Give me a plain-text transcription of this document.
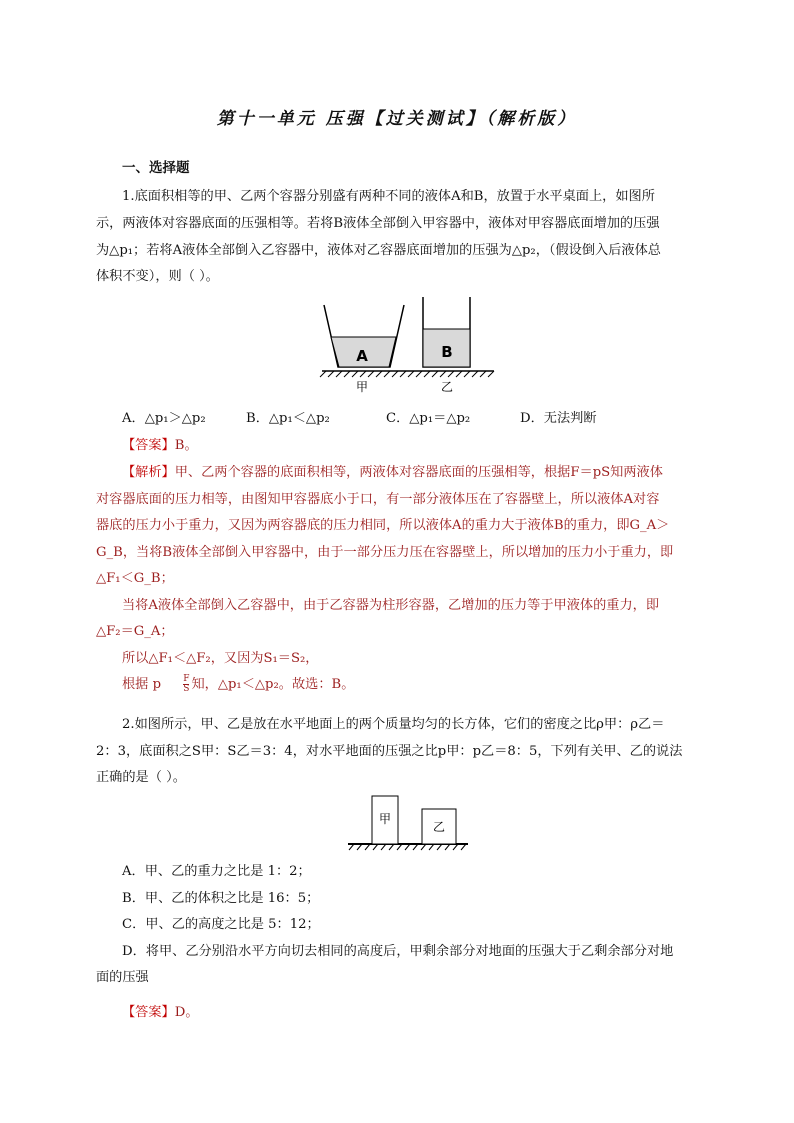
第十一单元 压强【过关测试】（解析版）
一、选择题
1.底面积相等的甲、乙两个容器分别盛有两种不同的液体A和B，放置于水平桌面上，如图所

示，两液体对容器底面的压强相等。若将B液体全部倒入甲容器中，液体对甲容器底面增加的压强
为△p₁；若将A液体全部倒入乙容器中，液体对乙容器底面增加的压强为△p₂，（假设倒入后液体总
体积不变），则（ ）。
A	B
甲	乙
A．△p₁＞△p₂	B．△p₁＜△p₂	C．△p₁＝△p₂	D．无法判断
【答案】B。
【解析】甲、乙两个容器的底面积相等，两液体对容器底面的压强相等，根据F＝pS知两液体
对容器底面的压力相等，由图知甲容器底小于口，有一部分液体压在了容器壁上，所以液体A对容
器底的压力小于重力，又因为两容器底的压力相同，所以液体A的重力大于液体B的重力，即G_A＞
G_B，当将B液体全部倒入甲容器中，由于一部分压力压在容器壁上，所以增加的压力小于重力，即
△F₁＜G_B；
当将A液体全部倒入乙容器中，由于乙容器为柱形容器，乙增加的压力等于甲液体的重力，即
△F₂＝G_A；
所以△F₁＜△F₂，又因为S₁＝S₂，
根据 p $\frac{F}{S}$ 知，△p₁＜△p₂。故选：B。
2.如图所示，甲、乙是放在水平地面上的两个质量均匀的长方体，它们的密度之比ρ甲：ρ乙＝
2：3，底面积之S甲：S乙＝3：4，对水平地面的压强之比p甲：p乙＝8：5，下列有关甲、乙的说法
正确的是（ ）。
甲
乙
A．甲、乙的重力之比是 1：2；
B．甲、乙的体积之比是 16：5；
C．甲、乙的高度之比是 5：12；
D．将甲、乙分别沿水平方向切去相同的高度后，甲剩余部分对地面的压强大于乙剩余部分对地
面的压强
【答案】D。
